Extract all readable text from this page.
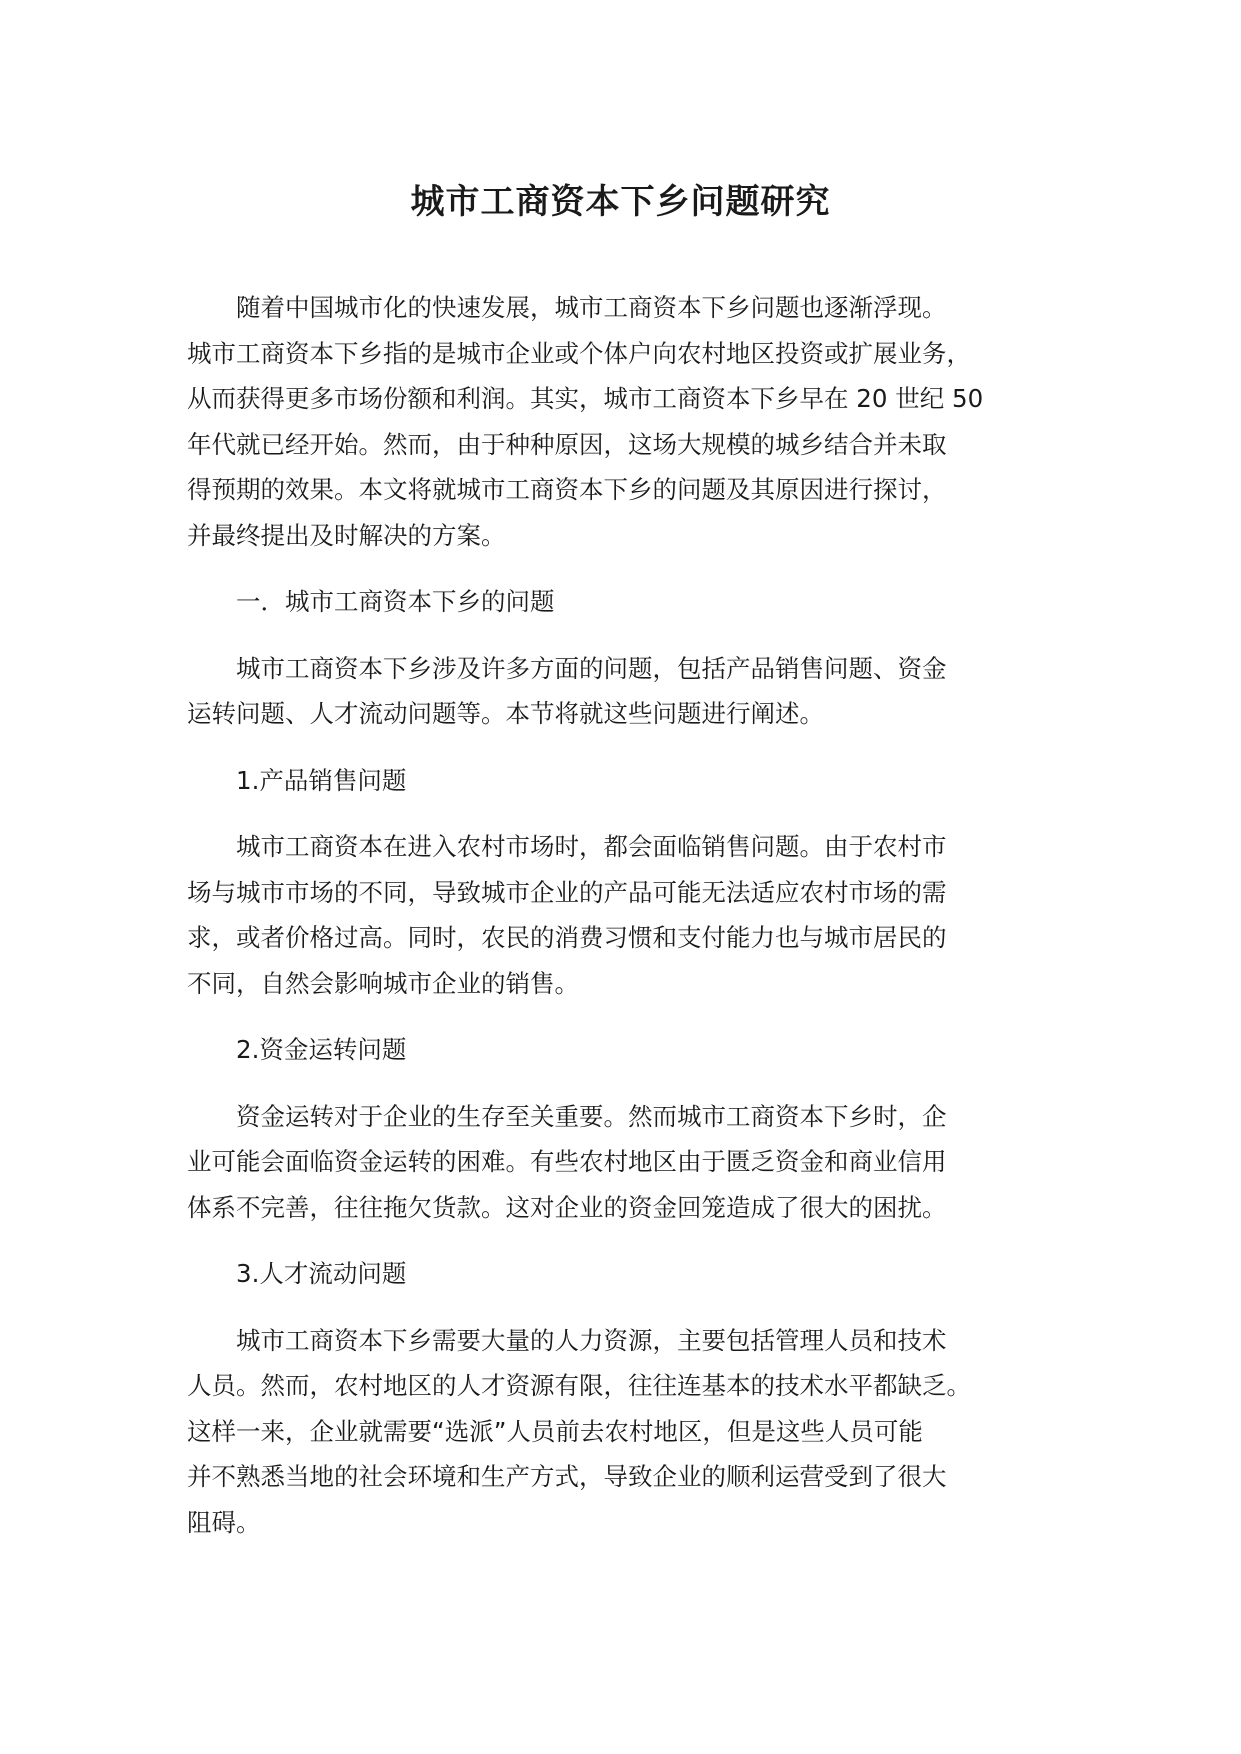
城市工商资本下乡问题研究

随着中国城市化的快速发展，城市工商资本下乡问题也逐渐浮现。
城市工商资本下乡指的是城市企业或个体户向农村地区投资或扩展业务，
从而获得更多市场份额和利润。其实，城市工商资本下乡早在 20 世纪 50
年代就已经开始。然而，由于种种原因，这场大规模的城乡结合并未取
得预期的效果。本文将就城市工商资本下乡的问题及其原因进行探讨，
并最终提出及时解决的方案。

一．城市工商资本下乡的问题

城市工商资本下乡涉及许多方面的问题，包括产品销售问题、资金
运转问题、人才流动问题等。本节将就这些问题进行阐述。

1.产品销售问题

城市工商资本在进入农村市场时，都会面临销售问题。由于农村市
场与城市市场的不同，导致城市企业的产品可能无法适应农村市场的需
求，或者价格过高。同时，农民的消费习惯和支付能力也与城市居民的
不同，自然会影响城市企业的销售。

2.资金运转问题

资金运转对于企业的生存至关重要。然而城市工商资本下乡时，企
业可能会面临资金运转的困难。有些农村地区由于匮乏资金和商业信用
体系不完善，往往拖欠货款。这对企业的资金回笼造成了很大的困扰。

3.人才流动问题

城市工商资本下乡需要大量的人力资源，主要包括管理人员和技术
人员。然而，农村地区的人才资源有限，往往连基本的技术水平都缺乏。
这样一来，企业就需要“选派”人员前去农村地区，但是这些人员可能
并不熟悉当地的社会环境和生产方式，导致企业的顺利运营受到了很大
阻碍。
